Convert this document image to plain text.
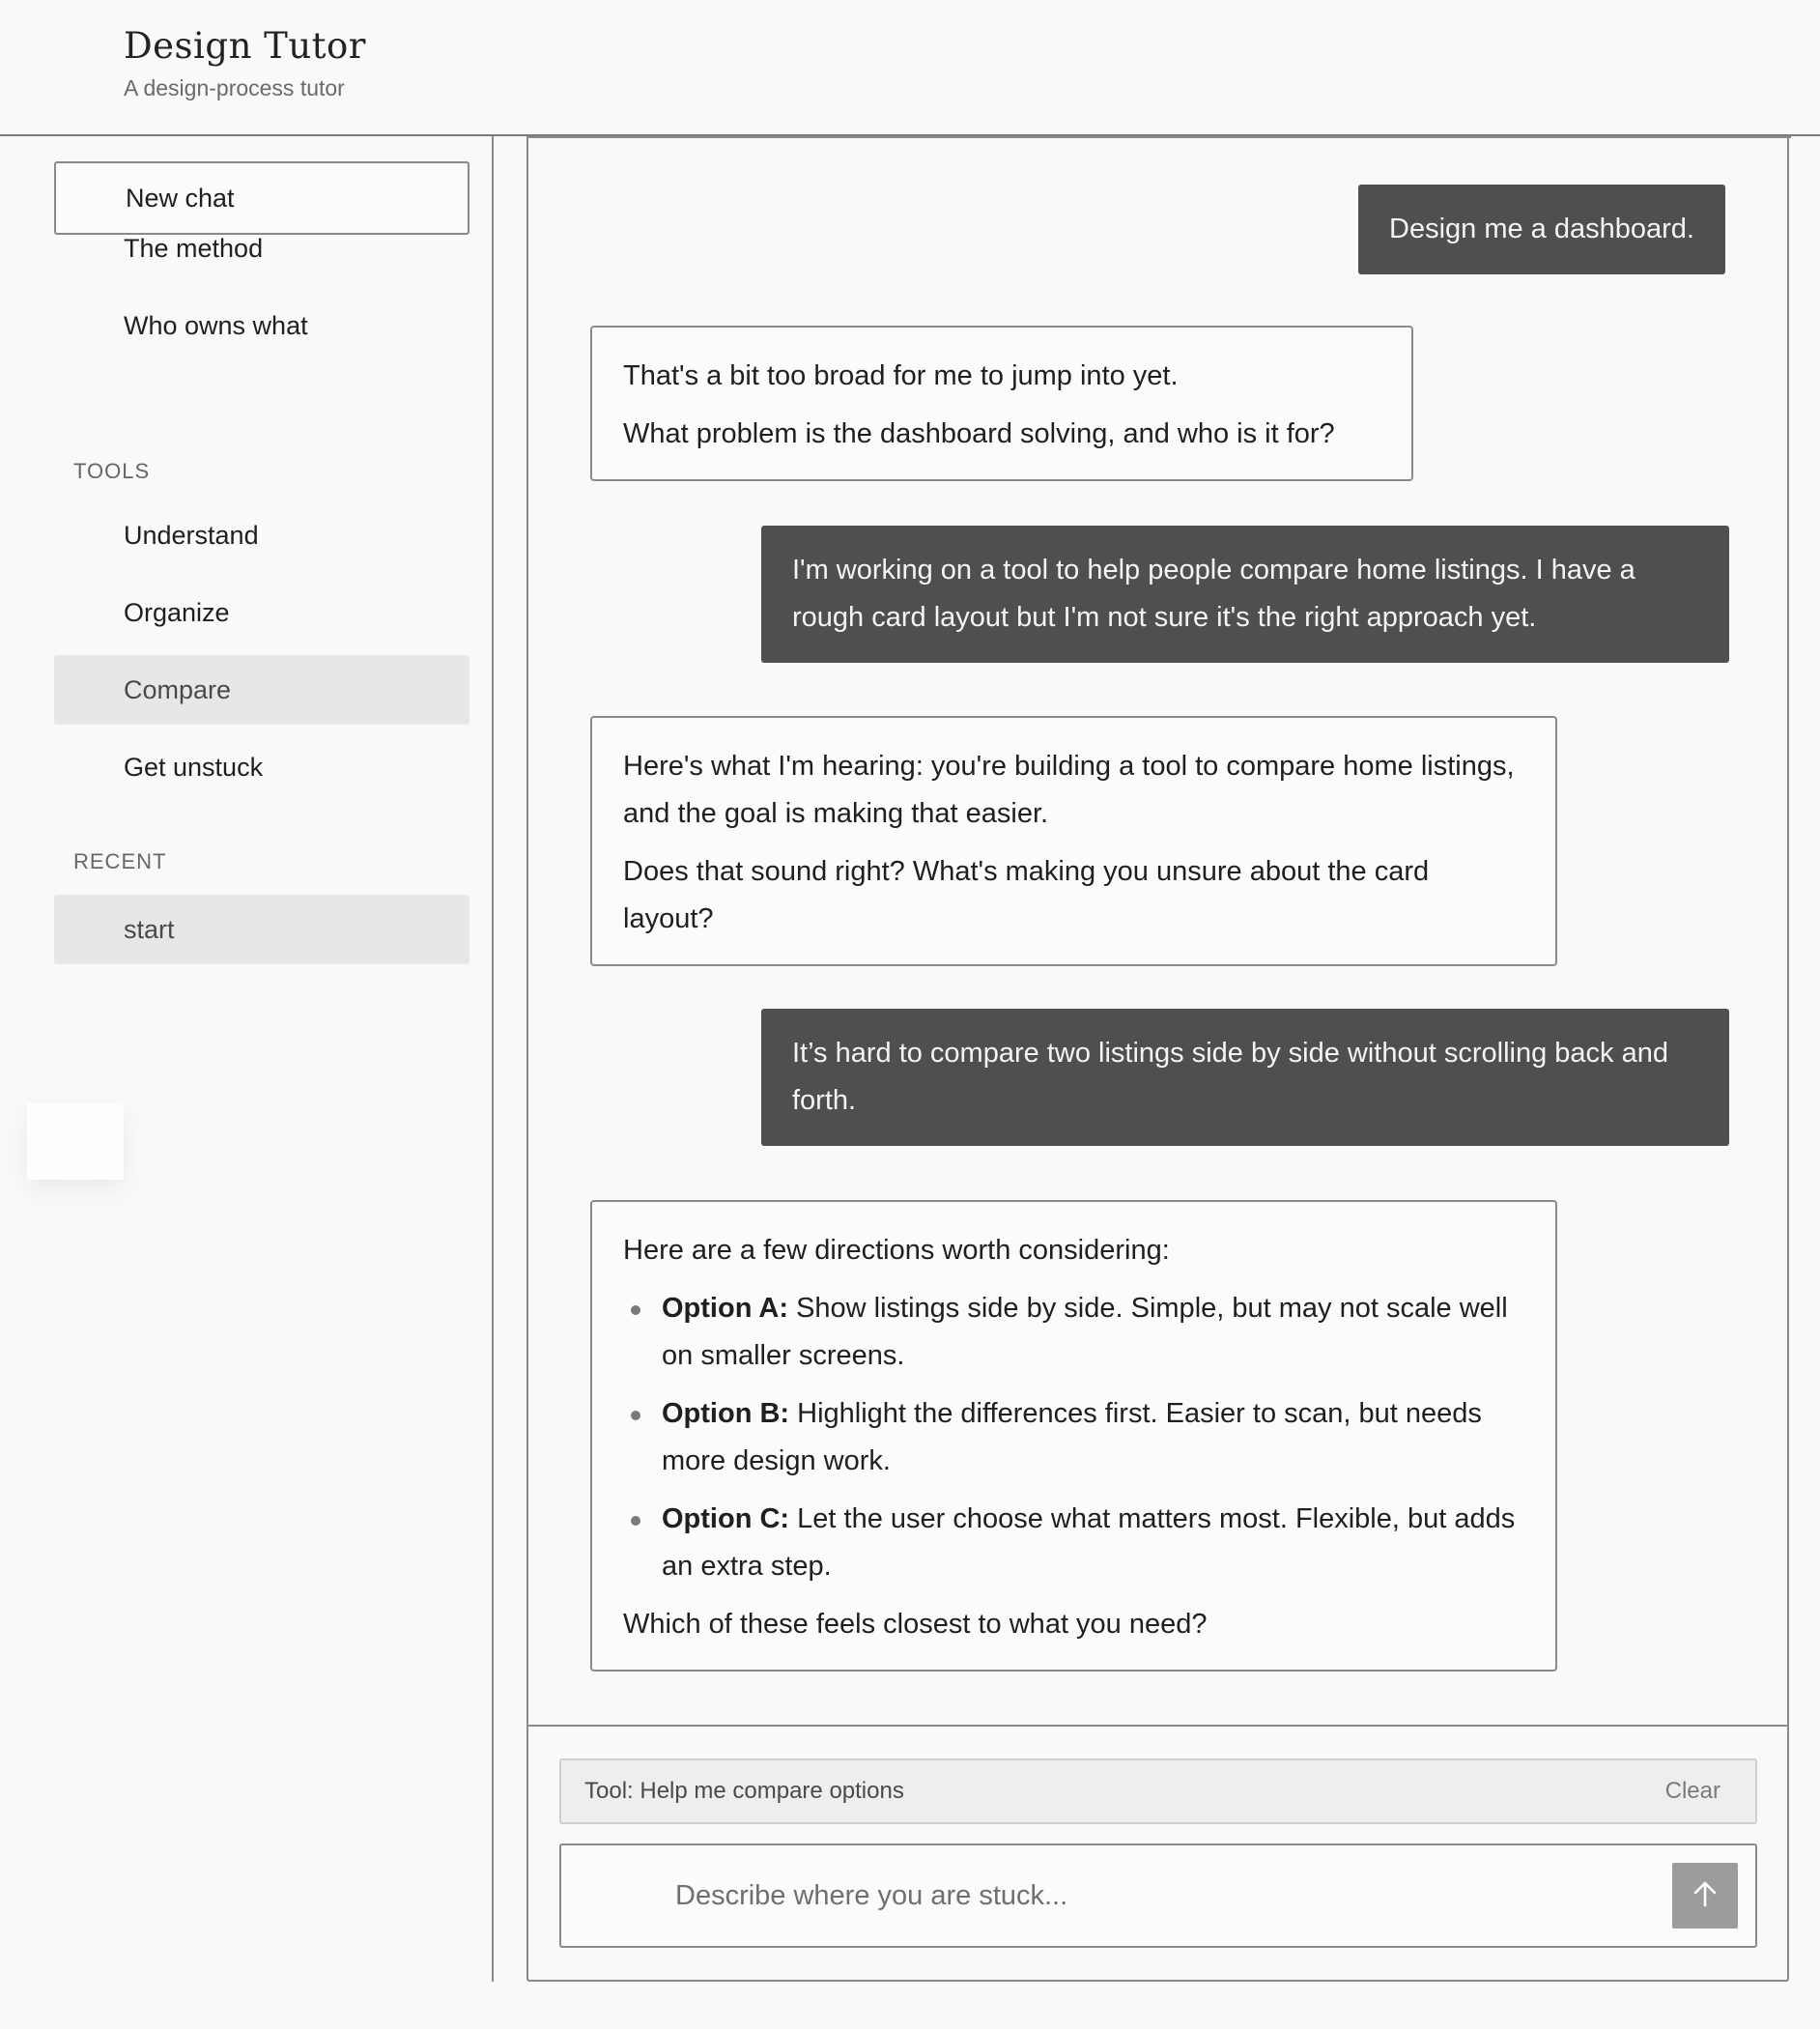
Design Tutor
A design-process tutor
New chat
The method
Who owns what
TOOLS
Understand
Organize
Compare
Get unstuck
RECENT
start
Design me a dashboard.

That's a bit too broad for me to jump into yet.

What problem is the dashboard solving, and who is it for?

I'm working on a tool to help people compare home listings. I have a rough card layout but I'm not sure it's the right approach yet.

Here's what I'm hearing: you're building a tool to compare home listings, and the goal is making that easier.

Does that sound right? What's making you unsure about the card layout?

It’s hard to compare two listings side by side without scrolling back and forth.

Here are a few directions worth considering:

Option A: Show listings side by side. Simple, but may not scale well on smaller screens.
Option B: Highlight the differences first. Easier to scan, but needs more design work.
Option C: Let the user choose what matters most. Flexible, but adds an extra step.

Which of these feels closest to what you need?

Tool: Help me compare options	Clear
Describe where you are stuck...
